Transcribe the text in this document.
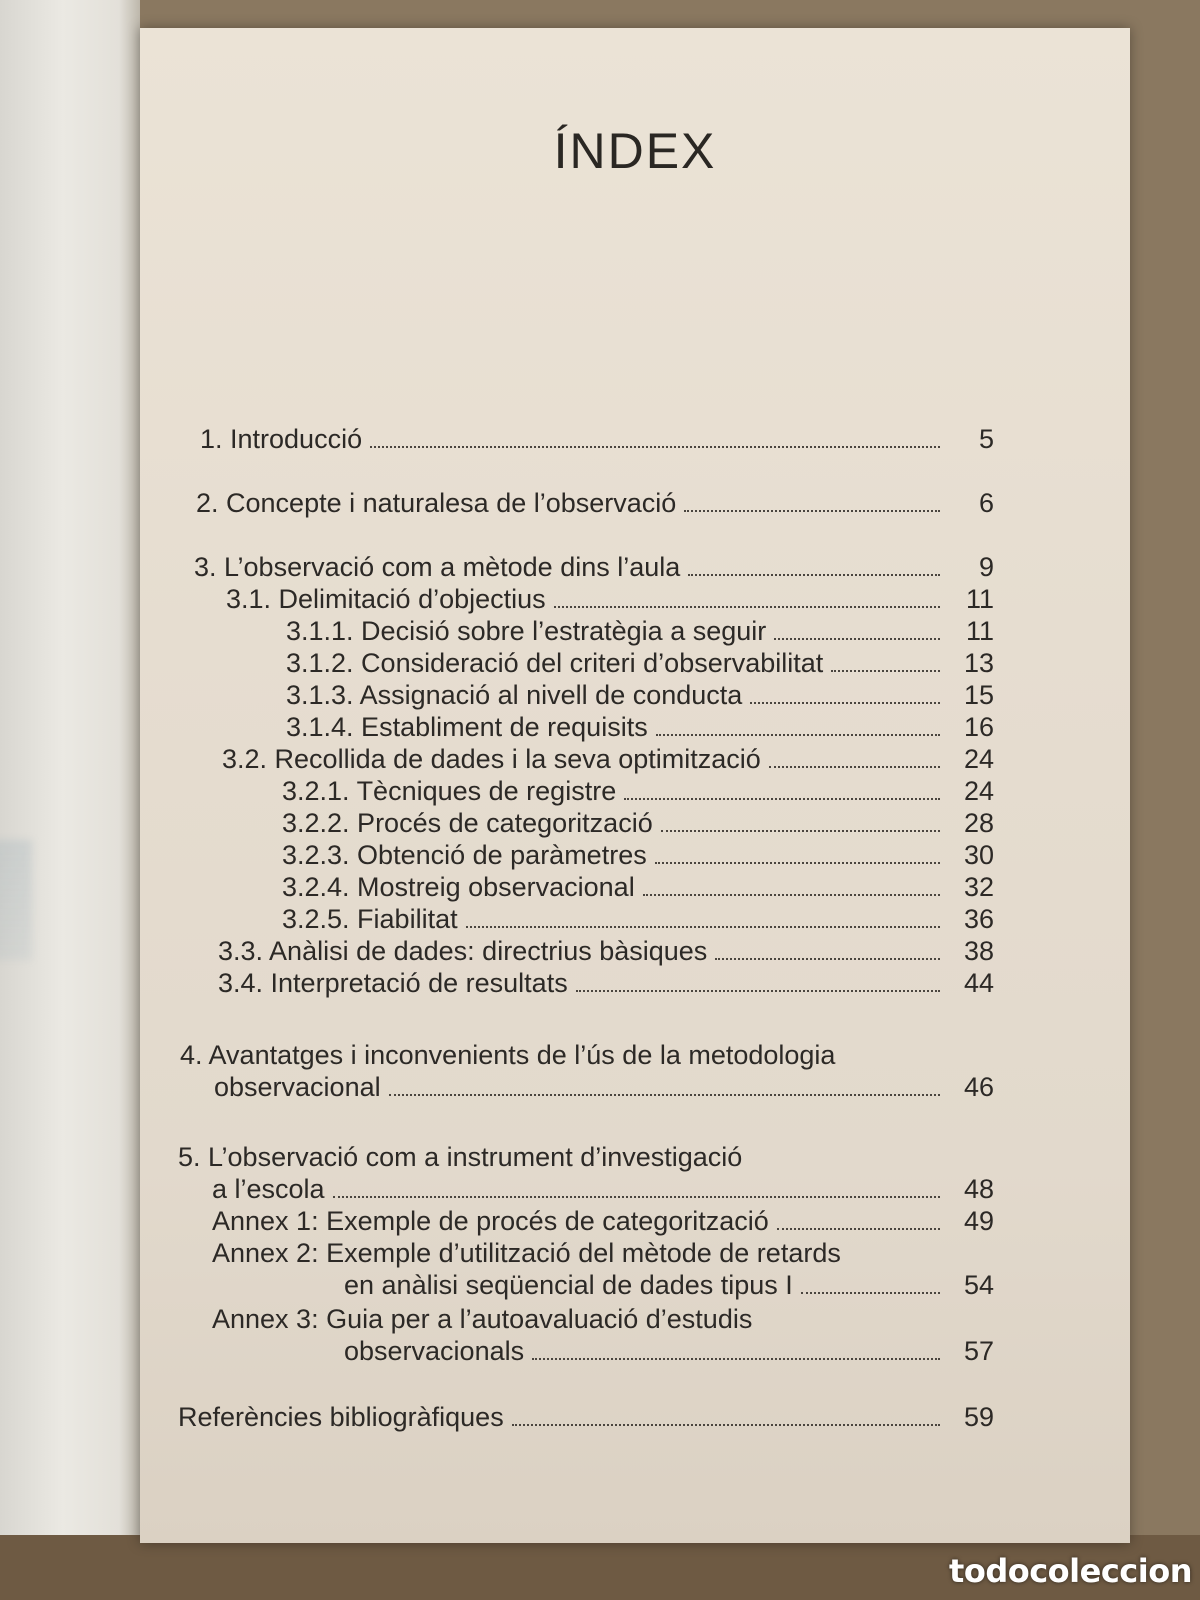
ÍNDEX
1. Introducció	5
2. Concepte i naturalesa de l’observació	6
3. L’observació com a mètode dins l’aula	9
3.1. Delimitació d’objectius	11
3.1.1. Decisió sobre l’estratègia a seguir	11
3.1.2. Consideració del criteri d’observabilitat	13
3.1.3. Assignació al nivell de conducta	15
3.1.4. Establiment de requisits	16
3.2. Recollida de dades i la seva optimització	24
3.2.1. Tècniques de registre	24
3.2.2. Procés de categorització	28
3.2.3. Obtenció de paràmetres	30
3.2.4. Mostreig observacional	32
3.2.5. Fiabilitat	36
3.3. Anàlisi de dades: directrius bàsiques	38
3.4. Interpretació de resultats	44
4. Avantatges i inconvenients de l’ús de la metodologia
observacional	46
5. L’observació com a instrument d’investigació
a l’escola	48
Annex 1: Exemple de procés de categorització	49
Annex 2: Exemple d’utilització del mètode de retards
en anàlisi seqüencial de dades tipus I	54
Annex 3: Guia per a l’autoavaluació d’estudis
observacionals	57
Referències bibliogràfiques	59
todocoleccion
